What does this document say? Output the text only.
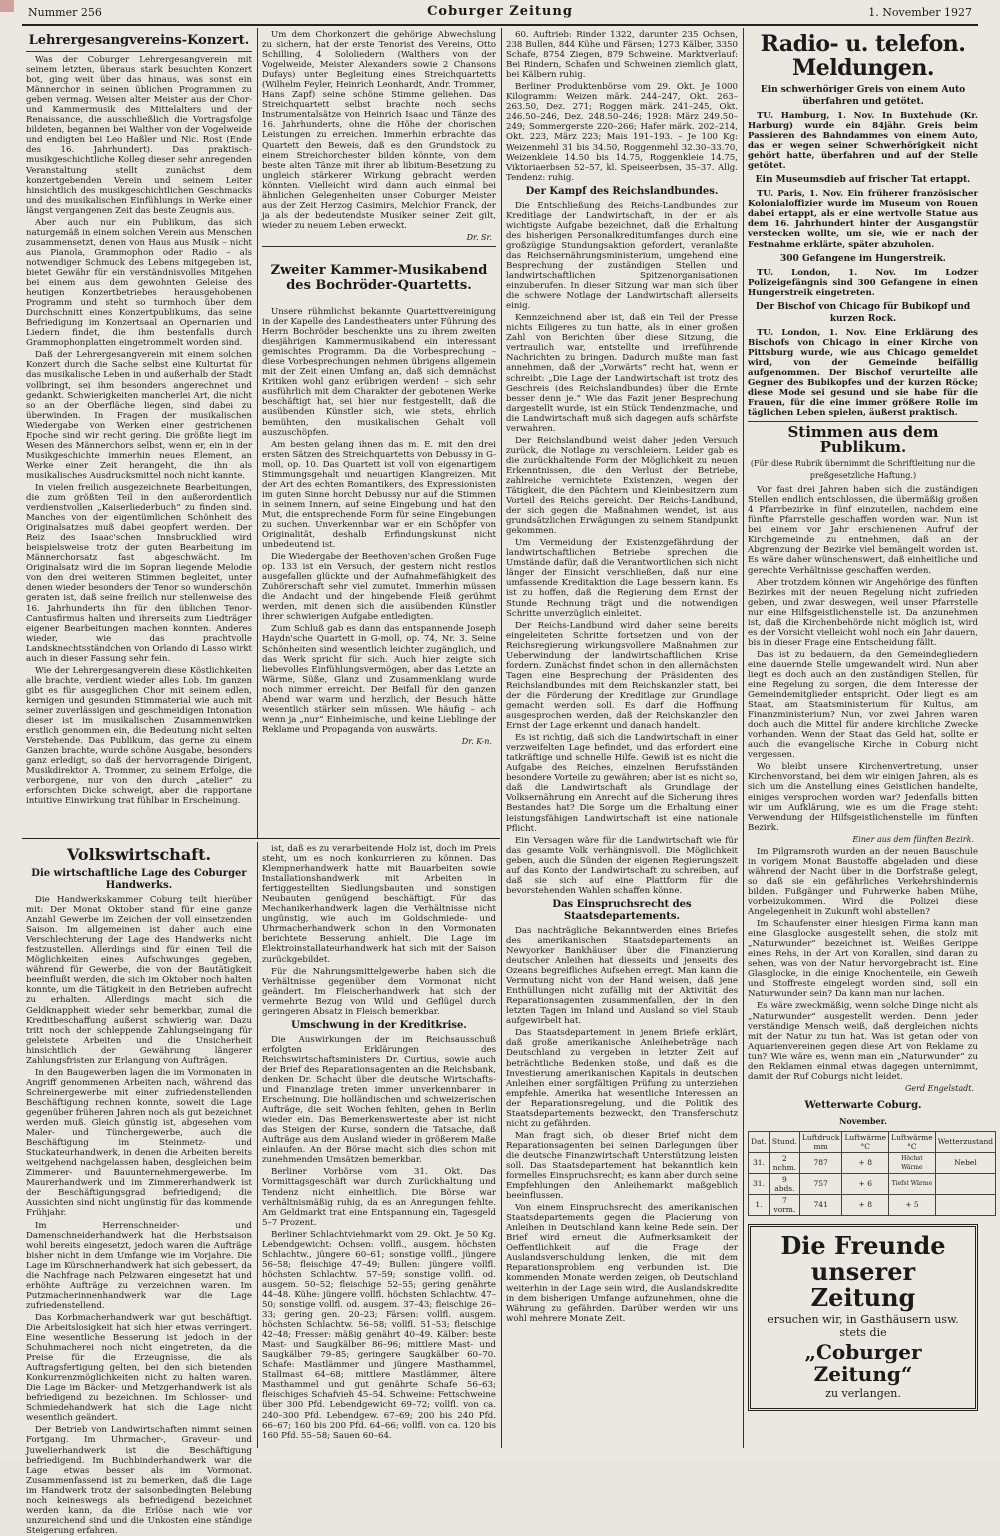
Nummer 256	Coburger Zeitung	1. November 1927
Lehrergesangvereins-Konzert.

Was der Coburger Lehrergesangverein mit seinem letzten, überaus stark besuchten Konzert bot, ging weit über das hinaus, was sonst ein Männerchor in seinen üblichen Programmen zu geben vermag. Weisen alter Meister aus der Chor- und Kammermusik des Mittelalters und der Renaissance, die ausschließlich die Vortragsfolge bildeten, begannen bei Walther von der Vogelweide und endigten bei Leo Haßler und Nic. Rost (Ende des 16. Jahrhundert). Das praktisch-musikgeschichtliche Kolleg dieser sehr anregenden Veranstaltung stellt zunächst dem konzertgebenden Verein und seinem Leiter hinsichtlich des musikgeschichtlichen Geschmacks und des musikalischen Einfühlungs in Werke einer längst vergangenen Zeit das beste Zeugnis aus.

Aber auch nur ein Publikum, das sich naturgemäß in einem solchen Verein aus Menschen zusammensetzt, denen von Haus aus Musik – nicht aus Pianola, Grammophon oder Radio – als notwendiger Schmuck des Lebens mitgegeben ist, bietet Gewähr für ein verständnisvolles Mitgehen bei einem aus dem gewohnten Geleise des heutigen Konzertbetriebes herausgehobenen Programm und steht so turmhoch über dem Durchschnitt eines Konzertpublikums, das seine Befriedigung im Konzertsaal an Opernarien und Liedern findet, die ihm bestenfalls durch Grammophonplatten eingetrommelt worden sind.

Daß der Lehrergesangverein mit einem solchen Konzert durch die Sache selbst eine Kulturtat für das musikalische Leben in und außerhalb der Stadt vollbringt, sei ihm besonders angerechnet und gedankt. Schwierigkeiten mancherlei Art, die nicht so an der Oberfläche liegen, sind dabei zu überwinden. In Fragen der musikalischen Wiedergabe von Werken einer gestrichenen Epoche sind wir recht gering. Die größte liegt im Wesen des Männerchors selbst, wenn er, ein in der Musikgeschichte immerhin neues Element, an Werke einer Zeit herangeht, die ihn als musikalisches Ausdrucksmittel noch nicht kannte.

In vielen freilich ausgezeichnete Bearbeitungen, die zum größten Teil in den außerordentlich verdienstvollen „Kaiserliederbuch“ zu finden sind. Manches von der eigentümlichen Schönheit des Originalsatzes muß dabei geopfert werden. Der Reiz des Isaac'schen Innsbrucklied wird beispielsweise trotz der guten Bearbeitung im Männerchorsatz fast abgeschwächt. Im Originalsatz wird die im Sopran liegende Melodie von den drei weiteren Stimmen begleitet, unter denen wieder besonders der Tenor so wunderschön geraten ist, daß seine freilich nur stellenweise des 16. Jahrhunderts ihn für den üblichen Tenor-Cantusfirmus halten und ihrerseits zum Liedträger eigener Bearbeitungen machen konnten. Anderes wieder, wie das prachtvolle Landsknechtsständchen von Orlando di Lasso wirkt auch in dieser Fassung sehr fein.

Wie der Lehrergesangverein diese Köstlichkeiten alle brachte, verdient wieder alles Lob. Im ganzen gibt es für ausgeglichen Chor mit seinem edlen, kernigen und gesunden Stimmaterial wie auch mit seiner zuverlässigen und geschmeidigen Intonation dieser ist im musikalischen Zusammenwirken erstlich genommen ein, die Bedeutung nicht selten Verstehende. Das Publikum, das gerne zu einem Ganzen brachte, wurde schöne Ausgabe, besonders ganz erledigt, so daß der hervorragende Dirigent, Musikdirektor A. Trommer, zu seinem Erfolge, die verborgene, nur von den durch „atelier“ zu erforschten Dicke schweigt, aber die rapportane intuitive Einwirkung trat fühlbar in Erscheinung.

Um dem Chorkonzert die gehörige Abwechslung zu sichern, hat der erste Tenorist des Vereins, Otto Schilling, 4 Sololiedern (Walthers von der Vogelweide, Meister Alexanders sowie 2 Chansons Dufays) unter Begleitung eines Streichquartetts (Wilhelm Feyler, Heinrich Leonhardt, Andr. Trommer, Hans Zapf) seine schöne Stimme geliehen. Das Streichquartett selbst brachte noch sechs Instrumentalsätze von Heinrich Isaac und Tänze des 16. Jahrhunderts, ohne die Höhe der chorischen Leistungen zu erreichen. Immerhin erbrachte das Quartett den Beweis, daß es den Grundstock zu einem Streichorchester bilden könnte, von dem beste alten Tänze mit ihrer ab libitum-Besetzung zu ungleich stärkerer Wirkung gebracht werden könnten. Vielleicht wird dann auch einmal bei ähnlichen Gelegenheiten unser Coburger Meister aus der Zeit Herzog Casimirs, Melchior Franck, der ja als der bedeutendste Musiker seiner Zeit gilt, wieder zu neuem Leben erweckt.

Dr. Sr.
Zweiter Kammer-Musikabend des Bochröder-Quartetts.

Unsere rühmlichst bekannte Quartettvereinigung in der Kapelle des Landestheaters unter Führung des Herrn Bochröder beschenkte uns zu ihrem zweiten diesjährigen Kammermusikabend ein interessant gemischtes Programm. Da die Vorbesprechung – diese Vorbesprechungen nehmen übrigens allgemein mit der Zeit einen Umfang an, daß sich demnächst Kritiken wohl ganz erübrigen werden! – sich sehr ausführlich mit dem Charakter der gebotenen Werke beschäftigt hat, sei hier nur festgestellt, daß die ausübenden Künstler sich, wie stets, ehrlich bemühten, den musikalischen Gehalt voll auszuschöpfen.

Am besten gelang ihnen das m. E. mit den drei ersten Sätzen des Streichquartetts von Debussy in G-moll, op. 10. Das Quartett ist voll von eigenartigem Stimmungsgehalt und neuartigen Klangreizen. Mit der Art des echten Romantikers, des Expressionisten im guten Sinne horcht Debussy nur auf die Stimmen in seinem Innern, auf seine Eingebung und hat den Mut, die entsprechende Form für seine Eingebungen zu suchen. Unverkennbar war er ein Schöpfer von Originalität, deshalb Erfindungskunst nicht unbedeutend ist.

Die Wiedergabe der Beethoven'schen Großen Fuge op. 133 ist ein Versuch, der gestern nicht restlos ausgefallen glückte und der Aufnahmefähigkeit des Zuhörerschaft sehr viel zumutet. Immerhin müssen die Andacht und der hingebende Fleiß gerühmt werden, mit denen sich die ausübenden Künstler ihrer schwierigen Aufgabe entledigten.

Zum Schluß gab es dann das entspannende Joseph Haydn'sche Quartett in G-moll, op. 74, Nr. 3. Seine Schönheiten sind wesentlich leichter zugänglich, und das Werk spricht für sich. Auch hier zeigte sich liebevolles Einfühlungsvermögen, aber das Letzte an Wärme, Süße, Glanz und Zusammenklang wurde noch nimmer erreicht. Der Beifall für den ganzen Abend war warm und herzlich, der Besuch hätte wesentlich stärker sein müssen. Wie häufig – ach wenn ja „nur“ Einheimische, und keine Lieblinge der Reklame und Propaganda von auswärts.

Dr. K-n.
Volkswirtschaft.
Die wirtschaftliche Lage des Coburger Handwerks.

Die Handwerkskammer Coburg teilt hierüber mit: Der Monat Oktober stand für eine ganze Anzahl Gewerbe im Zeichen der voll einsetzenden Saison. Im allgemeinen ist daher auch eine Verschlechterung der Lage des Handwerks nicht festzustellen. Allerdings sind für einen Teil die Möglichkeiten eines Aufschwunges gegeben, während für Gewerbe, die von der Bautätigkeit beeinflußt werden, die sich im Oktober noch halten konnte, um die Tätigkeit in den Betrieben aufrecht zu erhalten. Allerdings macht sich die Geldknappheit wieder sehr bemerkbar, zumal die Kreditbeschaffung außerst schwierig war. Dazu tritt noch der schleppende Zahlungseingang für geleistete Arbeiten und die Unsicherheit hinsichtlich der Gewährung längerer Zahlungsfristen zur Erlangung von Aufträgen.

In den Baugewerben lagen die im Vormonaten in Angriff genommenen Arbeiten nach, während das Schreinergewerbe mit einer zufriedenstellenden Beschäftigung rechnen konnte, soweit die Lage gegenüber früheren Jahren noch als gut bezeichnet werden muß. Gleich günstig ist, abgesehen vom Maler- und Tünchergewerbe, auch die Beschäftigung im Steinmetz- und Stuckateurhandwerk, in denen die Arbeiten bereits weitgehend nachgelassen haben, desgleichen beim Zimmerer- und Bauunternehmergewerbe. Im Maurerhandwerk und im Zimmererhandwerk ist der Beschäftigungsgrad befriedigend; die Aussichten sind nicht ungünstig für das kommende Frühjahr.

Im Herrenschneider- und Damenschneiderhandwerk hat die Herbstsaison wohl bereits eingesetzt, jedoch waren die Aufträge bisher nicht in dem Umfange wie im Vorjahre. Die Lage im Kürschnerhandwerk hat sich gebessert, da die Nachfrage nach Pelzwaren eingesetzt hat und erhöhte Aufträge zu verzeichnen waren. Im Putzmacherinnenhandwerk war die Lage zufriedenstellend.

Das Korbmacherhandwerk war gut beschäftigt. Die Arbeitslosigkeit hat sich hier etwas verringert. Eine wesentliche Besserung ist jedoch in der Schuhmacherei noch nicht eingetreten, da die Preise für die Erzeugnisse, die als Auftragsfertigung gelten, bei den sich bietenden Konkurrenzmöglichkeiten nicht zu halten waren. Die Lage im Bäcker- und Metzgerhandwerk ist als befriedigend zu bezeichnen. Im Schlosser- und Schmiedehandwerk hat sich die Lage nicht wesentlich geändert.

Der Betrieb von Landwirtschaften nimmt seinen Fortgang. Im Uhrmacher-, Graveur- und Juwelierhandwerk ist die Beschäftigung befriedigend. Im Buchbinderhandwerk war die Lage etwas besser als im Vormonat. Zusammenfassend ist zu bemerken, daß die Lage im Handwerk trotz der saisonbedingten Belebung noch keineswegs als befriedigend bezeichnet werden kann, da die Erlöse nach wie vor unzureichend sind und die Unkosten eine ständige Steigerung erfahren.

ist, daß es zu verarbeitende Holz ist, doch im Preis steht, um es noch konkurrieren zu können. Das Klempnerhandwerk hatte mit Bauarbeiten sowie Installationshandwerk mit Arbeiten in fertiggestellten Siedlungsbauten und sonstigen Neubauten genügend beschäftigt. Für das Mechanikerhandwerk lagen die Verhältnisse nicht ungünstig, wie auch im Goldschmiede- und Uhrmacherhandwerk schon in den Vormonaten berichtete Besserung anhielt. Die Lage im Elektroinstallateurhandwerk hat sich mit der Saison zurückgebildet.

Für die Nahrungsmittelgewerbe haben sich die Verhältnisse gegenüber dem Vormonat nicht geändert. Im Fleischerhandwerk hat sich der vermehrte Bezug von Wild und Geflügel durch geringeren Absatz in Fleisch bemerkbar.

Umschwung in der Kreditkrise.

Die Auswirkungen der im Reichsausschuß erfolgten Erklärungen des Reichswirtschaftsministers Dr. Curtius, sowie auch der Brief des Reparationsagenten an die Reichsbank, denken Dr. Schacht über die deutsche Wirtschafts- und Finanzlage treten immer unverkennbarer in Erscheinung. Die holländischen und schweizerischen Aufträge, die seit Wochen fehlten, gehen in Berlin wieder ein. Das Bemerkenswerteste aber ist nicht das Steigen der Kurse, sondern die Tatsache, daß Aufträge aus dem Ausland wieder in größerem Maße einlaufen. An der Börse macht sich dies schon mit zunehmenden Umsätzen bemerkbar.

Berliner Vorbörse vom 31. Okt. Das Vormittagsgeschäft war durch Zurückhaltung und Tendenz nicht einheitlich. Die Börse war verhältnismäßig ruhig, da es an Anregungen fehlte. Am Geldmarkt trat eine Entspannung ein, Tagesgeld 5–7 Prozent.

Berliner Schlachtviehmarkt vom 29. Okt. Je 50 Kg. Lebendgewicht: Ochsen: vollfl., ausgem. höchsten Schlachtw., jüngere 60–61; sonstige vollfl., jüngere 56–58; fleischige 47–49; Bullen: jüngere vollfl. höchsten Schlachtw. 57–59; sonstige vollfl. od. ausgem. 50–52; fleischige 52–55; gering genährte 44–48. Kühe: jüngere vollfl. höchsten Schlachtw. 47–50; sonstige vollfl. od. ausgem. 37–43; fleischige 26–33; gering gen. 20–23; Färsen: vollfl. ausgem. höchsten Schlachtw. 56–58; vollfl. 51–53; fleischige 42–48; Fresser: mäßig genährt 40–49. Kälber: beste Mast- und Saugkälber 86–96; mittlere Mast- und Saugkälber 79–85; geringere Saugkälber 60–70. Schafe: Mastlämmer und jüngere Masthammel, Stallmast 64–68; mittlere Mastlämmer, ältere Masthammel und gut genährte Schafe 56–63; fleischiges Schafvieh 45–54. Schweine: Fettschweine über 300 Pfd. Lebendgewicht 69–72; vollfl. von ca. 240–300 Pfd. Lebendgew. 67–69; 200 bis 240 Pfd. 66–67; 160 bis 200 Pfd. 64–66; vollfl. von ca. 120 bis 160 Pfd. 55–58; Sauen 60–64.

60. Auftrieb: Rinder 1322, darunter 235 Ochsen, 238 Bullen, 844 Kühe und Färsen; 1273 Kälber, 3350 Schafe, 8754 Ziegen, 879 Schweine. Marktverlauf: Bei Rindern, Schafen und Schweinen ziemlich glatt, bei Kälbern ruhig.

Berliner Produktenbörse vom 29. Okt. Je 1000 Kilogramm: Weizen märk. 244–247, Okt. 263–263.50, Dez. 271; Roggen märk. 241–245, Okt. 246.50–246, Dez. 248.50–246; 1928: März 249.50–249; Sommergerste 220–266; Hafer märk. 202–214, Okt. 223, März 223; Mais 191–193. – Je 100 Kg: Weizenmehl 31 bis 34.50, Roggenmehl 32.30–33.70, Weizenkleie 14.50 bis 14.75, Roggenkleie 14.75, Viktoriaerbsen 52–57, kl. Speiseerbsen, 35–37. Allg. Tendenz: ruhig.

Der Kampf des Reichslandbundes.

Die Entschließung des Reichs-Landbundes zur Kreditlage der Landwirtschaft, in der er als wichtigste Aufgabe bezeichnet, daß die Erhaltung des bisherigen Personalkreditumfanges durch eine großzügige Stundungsaktion gefordert, veranlaßte das Reichsernährungsministerium, umgehend eine Besprechung der zuständigen Stellen und landwirtschaftlichen Spitzenorganisationen einzuberufen. In dieser Sitzung war man sich über die schwere Notlage der Landwirtschaft allerseits einig.

Kennzeichnend aber ist, daß ein Teil der Presse nichts Eiligeres zu tun hatte, als in einer großen Zahl von Berichten über diese Sitzung, die vertraulich war, entstellte und irreführende Nachrichten zu bringen. Dadurch mußte man fast annehmen, daß der „Vorwärts“ recht hat, wenn er schreibt: „Die Lage der Landwirtschaft ist trotz des Geschreis (des Reichslandbundes) über die Ernte besser denn je.“ Wie das Fazit jener Besprechung dargestellt wurde, ist ein Stück Tendenzmache, und die Landwirtschaft muß sich dagegen aufs schärfste verwahren.

Der Reichslandbund weist daher jeden Versuch zurück, die Notlage zu verschleiern. Leider gab es die zurückhaltende Form der Möglichkeit zu neuen Erkenntnissen, die den Verlust der Betriebe, zahlreiche vernichtete Existenzen, wegen der Tätigkeit, die den Pächtern und Kleinbesitzern zum Vorteil des Reichs gereicht. Der Reichs-Landbund, der sich gegen die Maßnahmen wendet, ist aus grundsätzlichen Erwägungen zu seinem Standpunkt gekommen.

Um Vermeidung der Existenzgefährdung der landwirtschaftlichen Betriebe sprechen die Umstände dafür, daß die Verantwortlichen sich nicht länger der Einsicht verschließen, daß nur eine umfassende Kreditaktion die Lage bessern kann. Es ist zu hoffen, daß die Regierung dem Ernst der Stunde Rechnung trägt und die notwendigen Schritte unverzüglich einleitet.

Der Reichs-Landbund wird daher seine bereits eingeleiteten Schritte fortsetzen und von der Reichsregierung wirkungsvollere Maßnahmen zur Ueberwindung der landwirtschaftlichen Krise fordern. Zunächst findet schon in den allernächsten Tagen eine Besprechung der Präsidenten des Reichslandbundes mit dem Reichskanzler statt, bei der die Förderung der Kreditlage zur Grundlage gemacht werden soll. Es darf die Hoffnung ausgesprochen werden, daß der Reichskanzler den Ernst der Lage erkennt und danach handelt.

Es ist richtig, daß sich die Landwirtschaft in einer verzweifelten Lage befindet, und das erfordert eine tatkräftige und schnelle Hilfe. Gewiß ist es nicht die Aufgabe des Reiches, einzelnen Berufsständen besondere Vorteile zu gewähren; aber ist es nicht so, daß die Landwirtschaft als Grundlage der Volksernährung ein Anrecht auf die Sicherung ihres Bestandes hat? Die Sorge um die Erhaltung einer leistungsfähigen Landwirtschaft ist eine nationale Pflicht.

Ein Versagen wäre für die Landwirtschaft wie für das gesamte Volk verhängnisvoll. Die Möglichkeit geben, auch die Sünden der eigenen Regierungszeit auf das Konto der Landwirtschaft zu schreiben, auf daß sie sich auf eine Plattform für die bevorstehenden Wahlen schaffen könne.

Das Einspruchsrecht des Staatsdepartements.

Das nachträgliche Bekanntwerden eines Briefes des amerikanischen Staatsdepartements an Newyorker Bankhäuser über die Finanzierung deutscher Anleihen hat diesseits und jenseits des Ozeans begreifliches Aufsehen erregt. Man kann die Vermutung nicht von der Hand weisen, daß jene Enthüllungen nicht zufällig mit der Aktivität des Reparationsagenten zusammenfallen, der in den letzten Tagen im Inland und Ausland so viel Staub aufgewirbelt hat.

Das Staatsdepartement in jenem Briefe erklärt, daß große amerikanische Anleihebeträge nach Deutschland zu vergeben in letzter Zeit auf beträchtliche Bedenken stoße, und daß es die Investierung amerikanischen Kapitals in deutschen Anleihen einer sorgfältigen Prüfung zu unterziehen empfehle. Amerika hat wesentliche Interessen an der Reparationsregelung, und die Politik des Staatsdepartements bezweckt, den Transferschutz nicht zu gefährden.

Man fragt sich, ob dieser Brief nicht dem Reparationsagenten bei seinen Darlegungen über die deutsche Finanzwirtschaft Unterstützung leisten soll. Das Staatsdepartement hat bekanntlich kein formelles Einspruchsrecht; es kann aber durch seine Empfehlungen den Anleihemarkt maßgeblich beeinflussen.

Von einem Einspruchsrecht des amerikanischen Staatsdepartements gegen die Placierung von Anleihen in Deutschland kann keine Rede sein. Der Brief wird erneut die Aufmerksamkeit der Oeffentlichkeit auf die Frage der Auslandsverschuldung lenken, die mit dem Reparationsproblem eng verbunden ist. Die kommenden Monate werden zeigen, ob Deutschland weiterhin in der Lage sein wird, die Auslandskredite in dem bisherigen Umfange aufzunehmen, ohne die Währung zu gefährden. Darüber werden wir uns wohl mehrere Monate Zeit.

Radio- u. telefon. Meldungen.
Ein schwerhöriger Greis von einem Auto überfahren und getötet.

TU. Hamburg, 1. Nov. In Buxtehude (Kr. Harburg) wurde ein 84jähr. Greis beim Passieren des Bahndammes von einem Auto, das er wegen seiner Schwerhörigkeit nicht gehört hatte, überfahren und auf der Stelle getötet.

Ein Museumsdieb auf frischer Tat ertappt.

TU. Paris, 1. Nov. Ein früherer französischer Kolonialoffizier wurde im Museum von Rouen dabei ertappt, als er eine wertvolle Statue aus dem 16. Jahrhundert hinter der Ausgangstür verstecken wollte, um sie, wie er nach der Festnahme erklärte, später abzuholen.

300 Gefangene im Hungerstreik.

TU. London, 1. Nov. Im Lodzer Polizeigefängnis sind 300 Gefangene in einen Hungerstreik eingetreten.

Der Bischof von Chicago für Bubikopf und kurzen Rock.

TU. London, 1. Nov. Eine Erklärung des Bischofs von Chicago in einer Kirche von Pittsburg wurde, wie aus Chicago gemeldet wird, von der Gemeinde beifällig aufgenommen. Der Bischof verurteilte alle Gegner des Bubikopfes und der kurzen Röcke; diese Mode sei gesund und sie habe für die Frauen, für die eine immer größere Rolle im täglichen Leben spielen, äußerst praktisch.

Stimmen aus dem Publikum.
(Für diese Rubrik übernimmt die Schriftleitung nur die preßgesetzliche Haftung.)

Vor fast drei Jahren haben sich die zuständigen Stellen endlich entschlossen, die übermäßig großen 4 Pfarrbezirke in fünf einzuteilen, nachdem eine fünfte Pfarrstelle geschaffen worden war. Nun ist bei einem vor Jahr erschienenen Aufruf der Kirchgemeinde zu entnehmen, daß an der Abgrenzung der Bezirke viel bemängelt worden ist. Es wäre daher wünschenswert, daß einheitliche und gerechte Verhältnisse geschaffen werden.

Aber trotzdem können wir Angehörige des fünften Bezirkes mit der neuen Regelung nicht zufrieden geben, und zwar deswegen, weil unser Pfarrstelle nur eine Hilfsgeistlichenstelle ist. Da anzunehmen ist, daß die Kirchenbehörde nicht möglich ist, wird es der Vorsicht vielleicht wohl noch ein Jahr dauern, bis in dieser Frage eine Entscheidung fällt.

Das ist zu bedauern, da den Gemeindegliedern eine dauernde Stelle umgewandelt wird. Nun aber liegt es doch auch an den zuständigen Stellen, für eine Regelung zu sorgen, die dem Interesse der Gemeindemitglieder entspricht. Oder liegt es am Staat, am Staatsministerium für Kultus, am Finanzministerium? Nun, vor zwei Jahren waren doch auch die Mittel für andere kirchliche Zwecke vorhanden. Wenn der Staat das Geld hat, sollte er auch die evangelische Kirche in Coburg nicht vergessen.

Wo bleibt unsere Kirchenvertretung, unser Kirchenvorstand, bei dem wir einigen Jahren, als es sich um die Anstellung eines Geistlichen handelte, einiges versprochen worden war? Jedenfalls bitten wir um Aufklärung, wie es um die Frage steht: Verwendung der Hilfsgeistlichenstelle im fünften Bezirk.

Einer aus dem fünften Bezirk.

Im Pilgramsroth wurden an der neuen Bauschule in vorigem Monat Baustoffe abgeladen und diese während der Nacht über in die Dorfstraße gelegt, so daß sie ein gefährliches Verkehrshindernis bilden. Fußgänger und Fuhrwerke haben Mühe, vorbeizukommen. Wird die Polizei diese Angelegenheit in Zukunft wohl abstellen?

Im Schaufenster einer hiesigen Firma kann man eine Glasglocke ausgestellt sehen, die stolz mit „Naturwunder“ bezeichnet ist. Weißes Gerippe eines Rehs, in der Art von Korallen, sind daran zu sehen, was von der Natur hervorgebracht ist. Eine Glasglocke, in die einige Knochenteile, ein Geweih und Stoffreste eingelegt worden sind, soll ein Naturwunder sein? Da kann man nur lachen.

Es wäre zweckmäßig, wenn solche Dinge nicht als „Naturwunder“ ausgestellt werden. Denn jeder verständige Mensch weiß, daß dergleichen nichts mit der Natur zu tun hat. Was ist getan oder von Aquarienvereinen gegen diese Art von Reklame zu tun? Wie wäre es, wenn man ein „Naturwunder“ zu den Reklamen einmal etwas dagegen unternimmt, damit der Ruf Coburgs nicht leidet.

Gerd Engelstadt.
Wetterwarte Coburg.
November.
Dat.	Stund.	Luftdruck mm	Luftwärme °C	Luftwärme °C	Wetterzustand
31.	2 nchm.	787	+ 8	Höchst Wärme	Nebel
31.	9 abds.	757	+ 6	Tiefst Wärme	
1.	7 vorm.	741	+ 8	+ 5	
Die Freunde unserer Zeitung
ersuchen wir, in Gasthäusern usw. stets die
„Coburger Zeitung“
zu verlangen.
